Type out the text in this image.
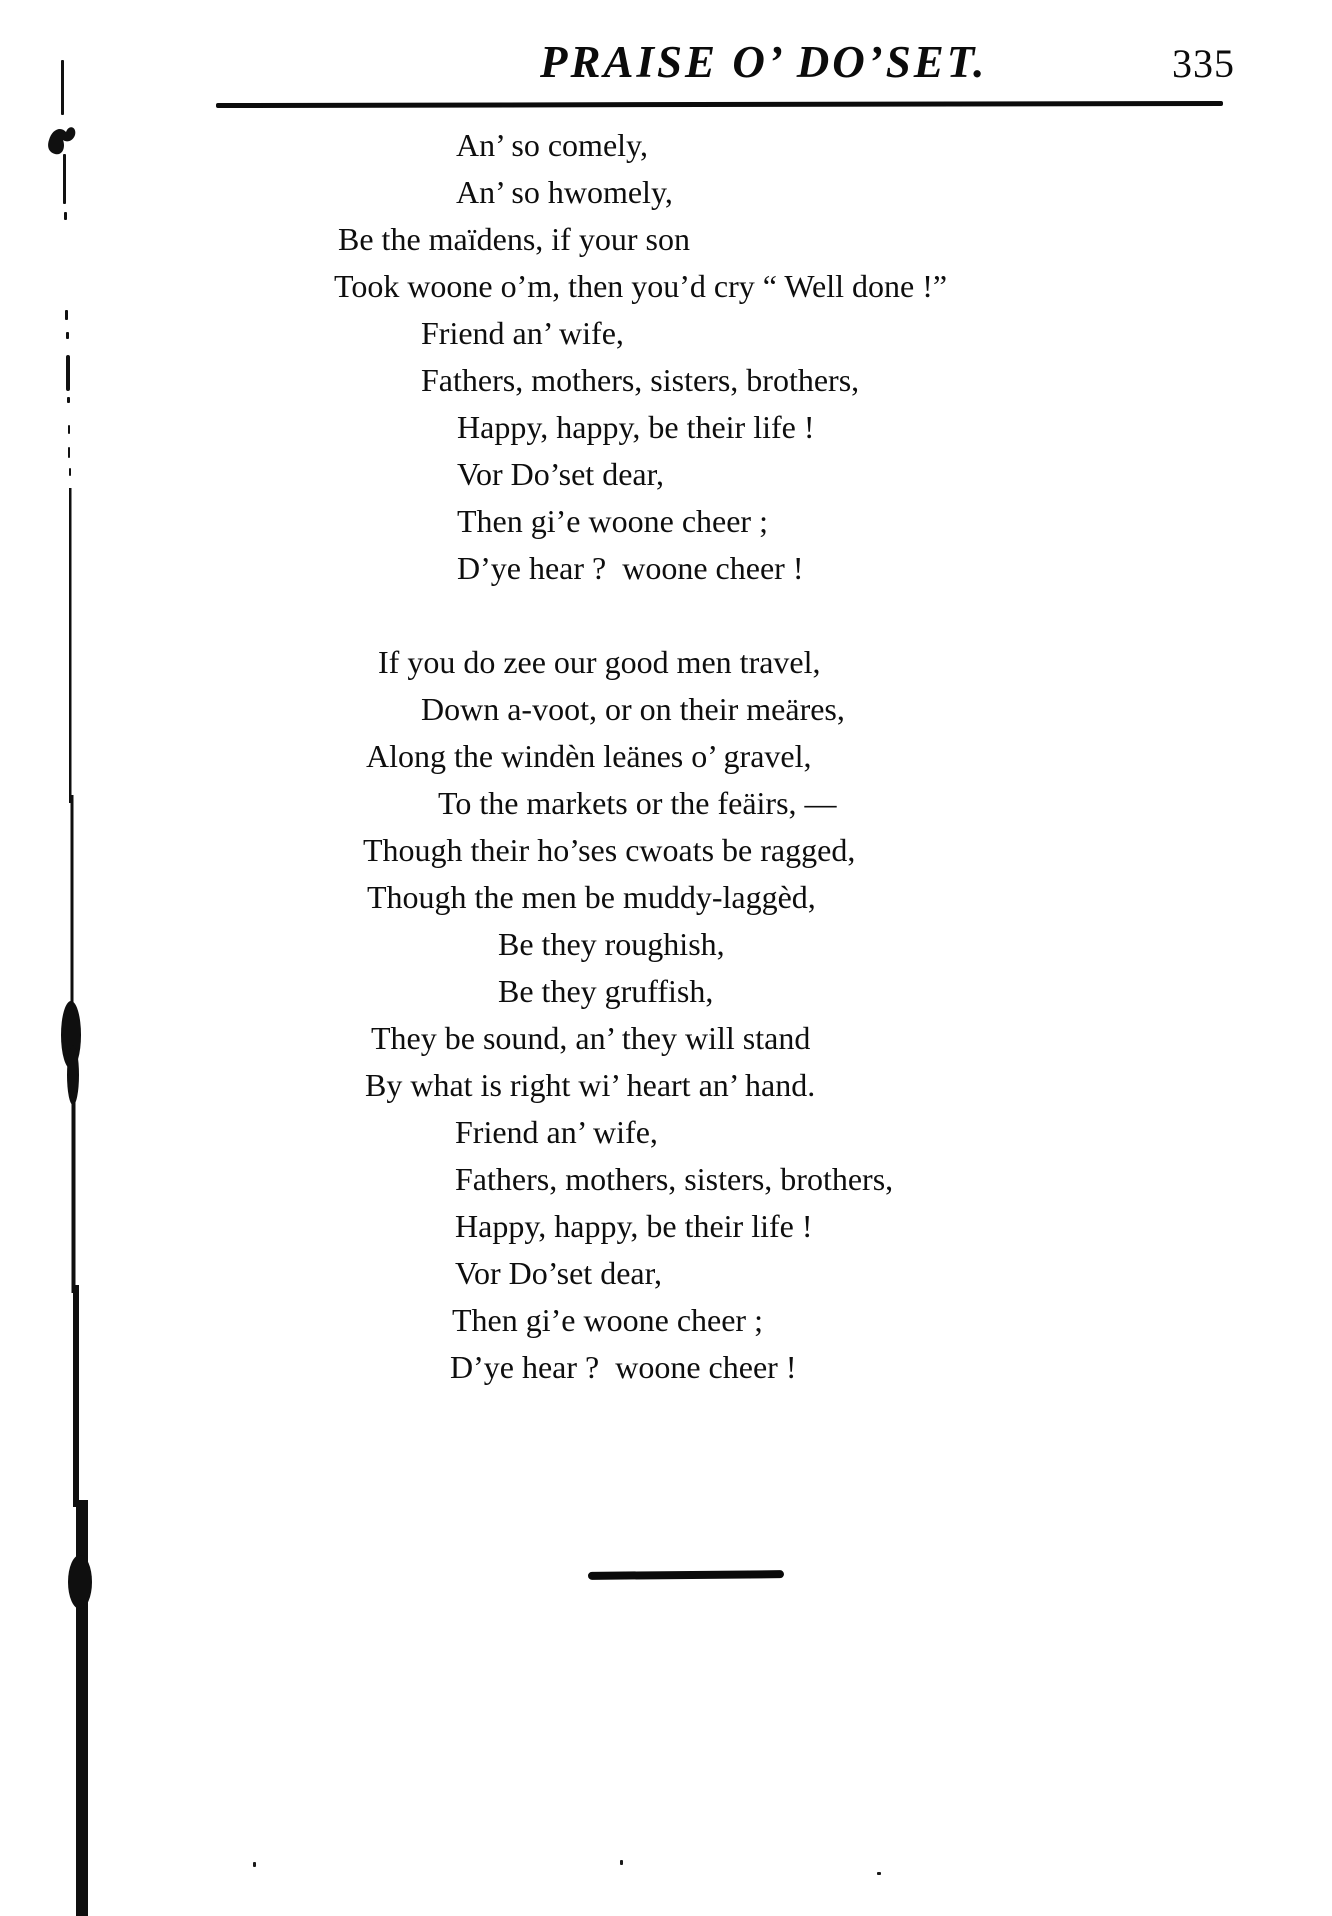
PRAISE O’ DO’SET.	335
An’ so comely,
An’ so hwomely,
Be the maïdens, if your son
Took woone o’m, then you’d cry “ Well done !”
Friend an’ wife,
Fathers, mothers, sisters, brothers,
Happy, happy, be their life !
Vor Do’set dear,
Then gi’e woone cheer ;
D’ye hear ?  woone cheer !
If you do zee our good men travel,
Down a-voot, or on their meäres,
Along the windèn leänes o’ gravel,
To the markets or the feäirs, —
Though their ho’ses cwoats be ragged,
Though the men be muddy-laggèd,
Be they roughish,
Be they gruffish,
They be sound, an’ they will stand
By what is right wi’ heart an’ hand.
Friend an’ wife,
Fathers, mothers, sisters, brothers,
Happy, happy, be their life !
Vor Do’set dear,
Then gi’e woone cheer ;
D’ye hear ?  woone cheer !
